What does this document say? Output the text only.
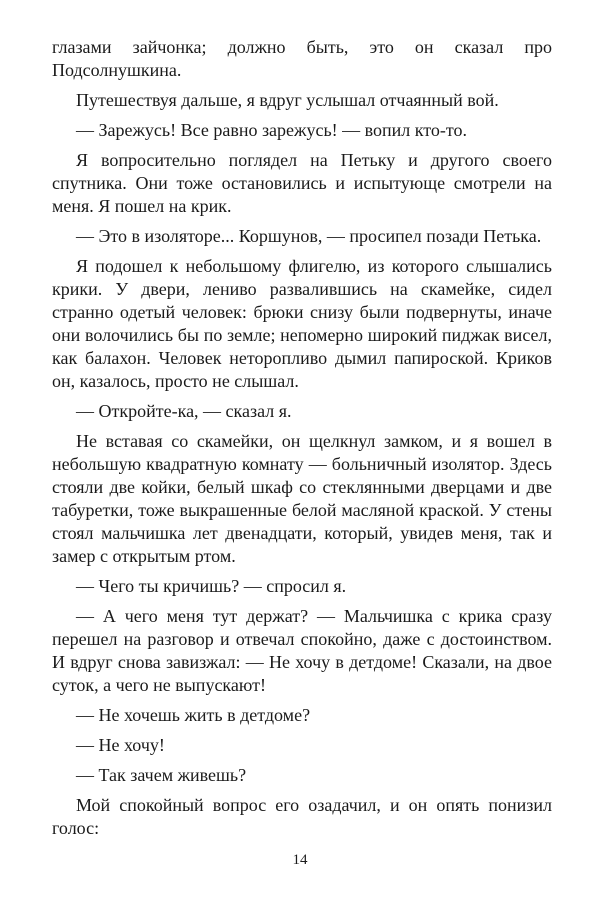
глазами зайчонка; должно быть, это он сказал про Подсолнушкина.

Путешествуя дальше, я вдруг услышал отчаянный вой.

— Зарежусь! Все равно зарежусь! — вопил кто-то.

Я вопросительно поглядел на Петьку и другого своего спутника. Они тоже остановились и испытующе смотрели на меня. Я пошел на крик.

— Это в изоляторе... Коршунов, — просипел позади Петька.

Я подошел к небольшому флигелю, из которого слышались крики. У двери, лениво развалившись на скамейке, сидел странно одетый человек: брюки снизу были подвернуты, иначе они волочились бы по земле; непомерно широкий пиджак висел, как балахон. Человек неторопливо дымил папироской. Криков он, казалось, просто не слышал.

— Откройте-ка, — сказал я.

Не вставая со скамейки, он щелкнул замком, и я вошел в небольшую квадратную комнату — больничный изолятор. Здесь стояли две койки, белый шкаф со стеклянными дверцами и две табуретки, тоже выкрашенные белой масляной краской. У стены стоял мальчишка лет двенадцати, который, увидев меня, так и замер с открытым ртом.

— Чего ты кричишь? — спросил я.

— А чего меня тут держат? — Мальчишка с крика сразу перешел на разговор и отвечал спокойно, даже с достоинством. И вдруг снова завизжал: — Не хочу в детдоме! Сказали, на двое суток, а чего не выпускают!

— Не хочешь жить в детдоме?

— Не хочу!

— Так зачем живешь?

Мой спокойный вопрос его озадачил, и он опять понизил голос:

14
